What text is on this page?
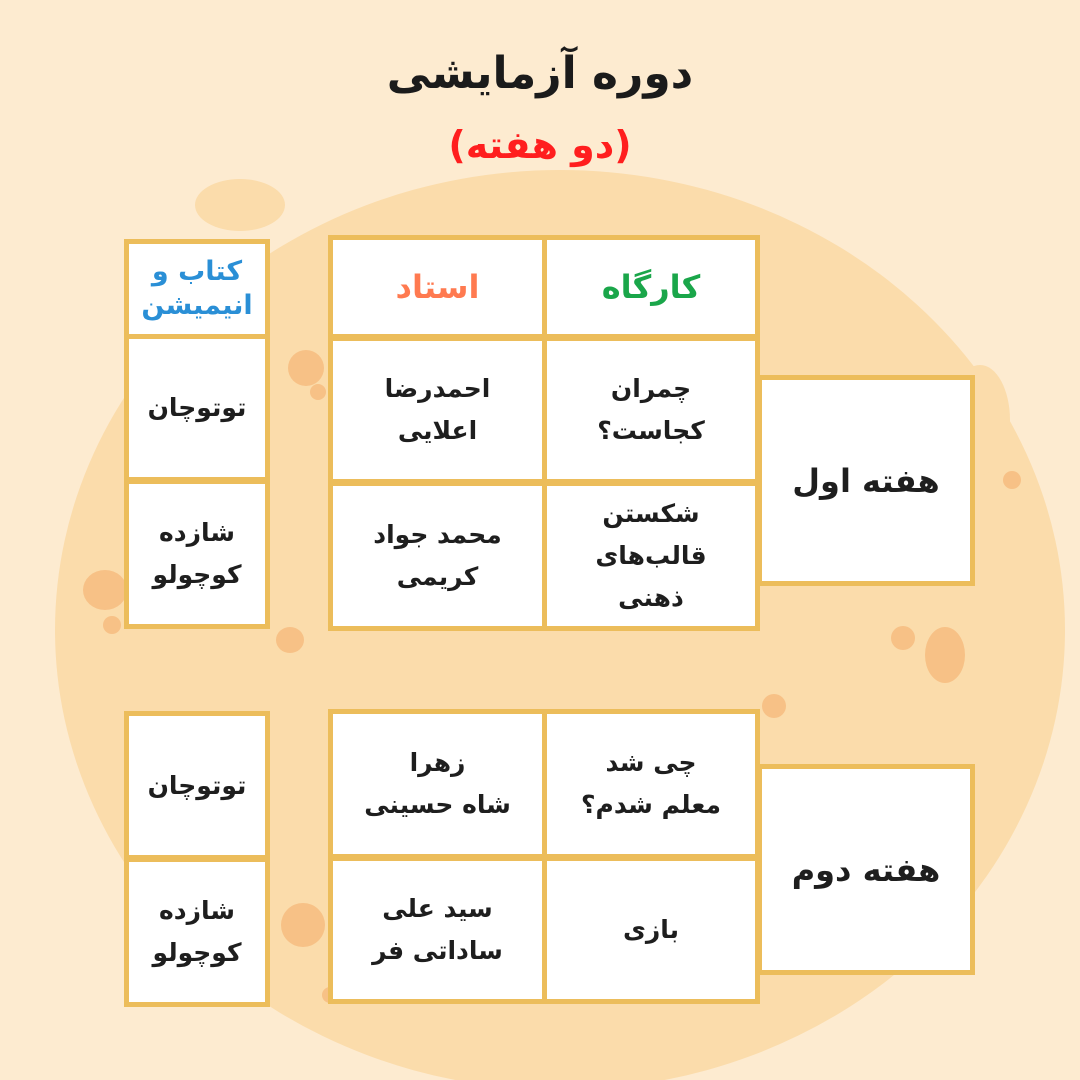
دوره آزمایشی
(دو هفته)
کارگاه
استاد
کتاب و
انیمیشن
چمران
کجاست؟
احمدرضا
اعلایی
شکستن
قالب‌های
ذهنی
محمد جواد
کریمی
هفته اول
توتوچان
شازده
کوچولو
چی شد
معلم شدم؟
زهرا
شاه حسینی
بازی
سید علی
ساداتی فر
هفته دوم
توتوچان
شازده
کوچولو
